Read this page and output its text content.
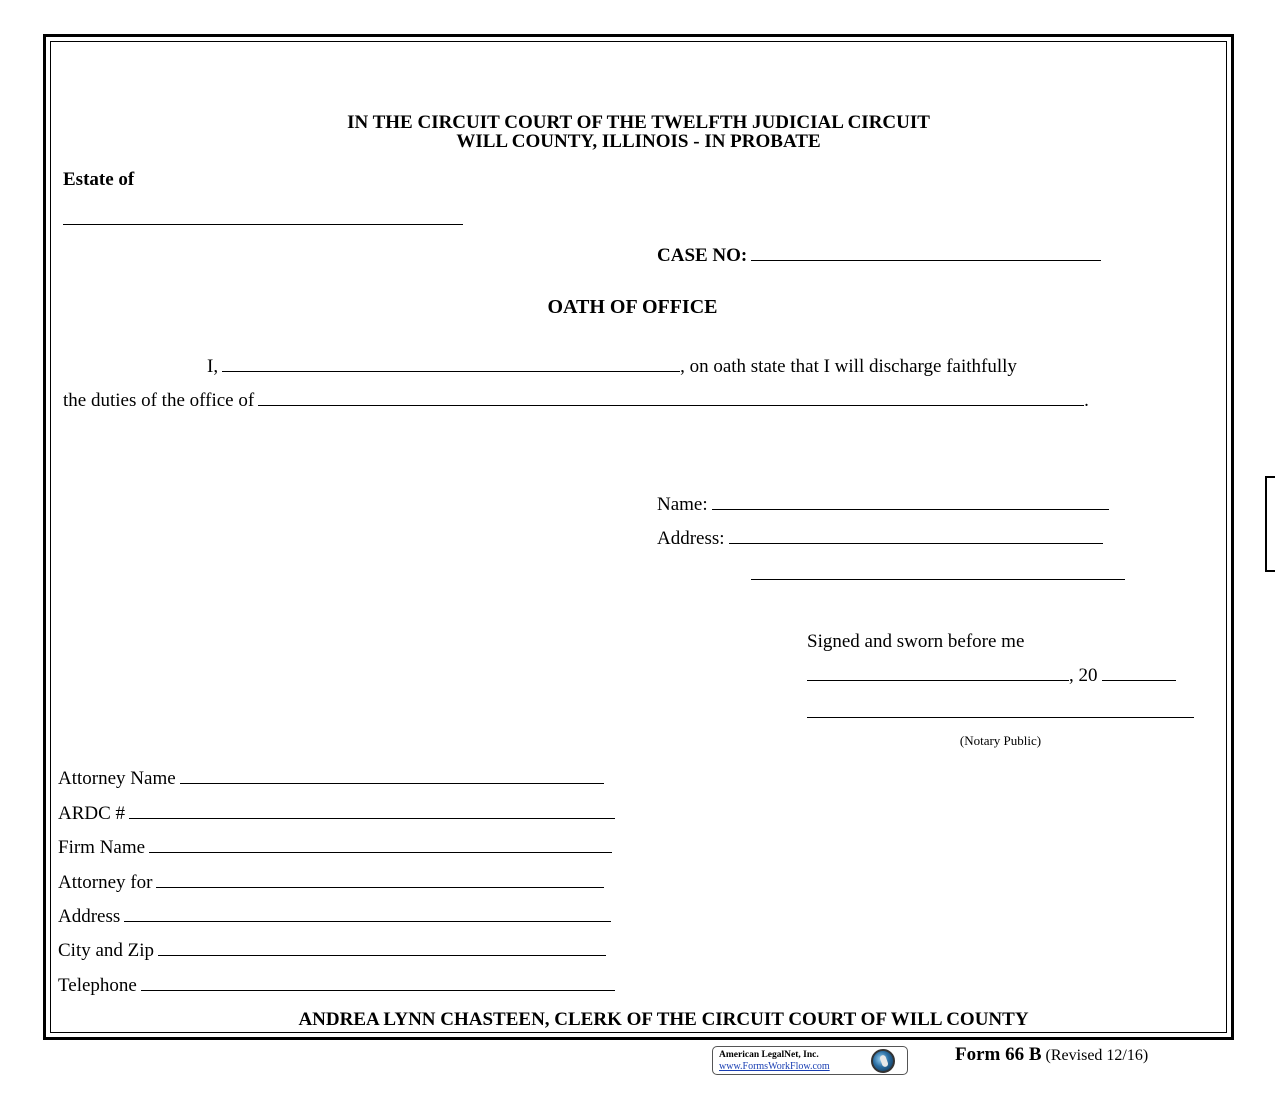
IN THE CIRCUIT COURT OF THE TWELFTH JUDICIAL CIRCUIT
WILL COUNTY, ILLINOIS - IN PROBATE
Estate of
CASE NO:
OATH OF OFFICE
I,	, on oath state that I will discharge faithfully
the duties of the office of	.
Name:
Address:
Signed and sworn before me
, 20
(Notary Public)
Attorney Name
ARDC #
Firm Name
Attorney for
Address
City and Zip
Telephone
ANDREA LYNN CHASTEEN, CLERK OF THE CIRCUIT COURT OF WILL COUNTY
American LegalNet, Inc.
www.FormsWorkFlow.com
Form 66 B (Revised 12/16)
